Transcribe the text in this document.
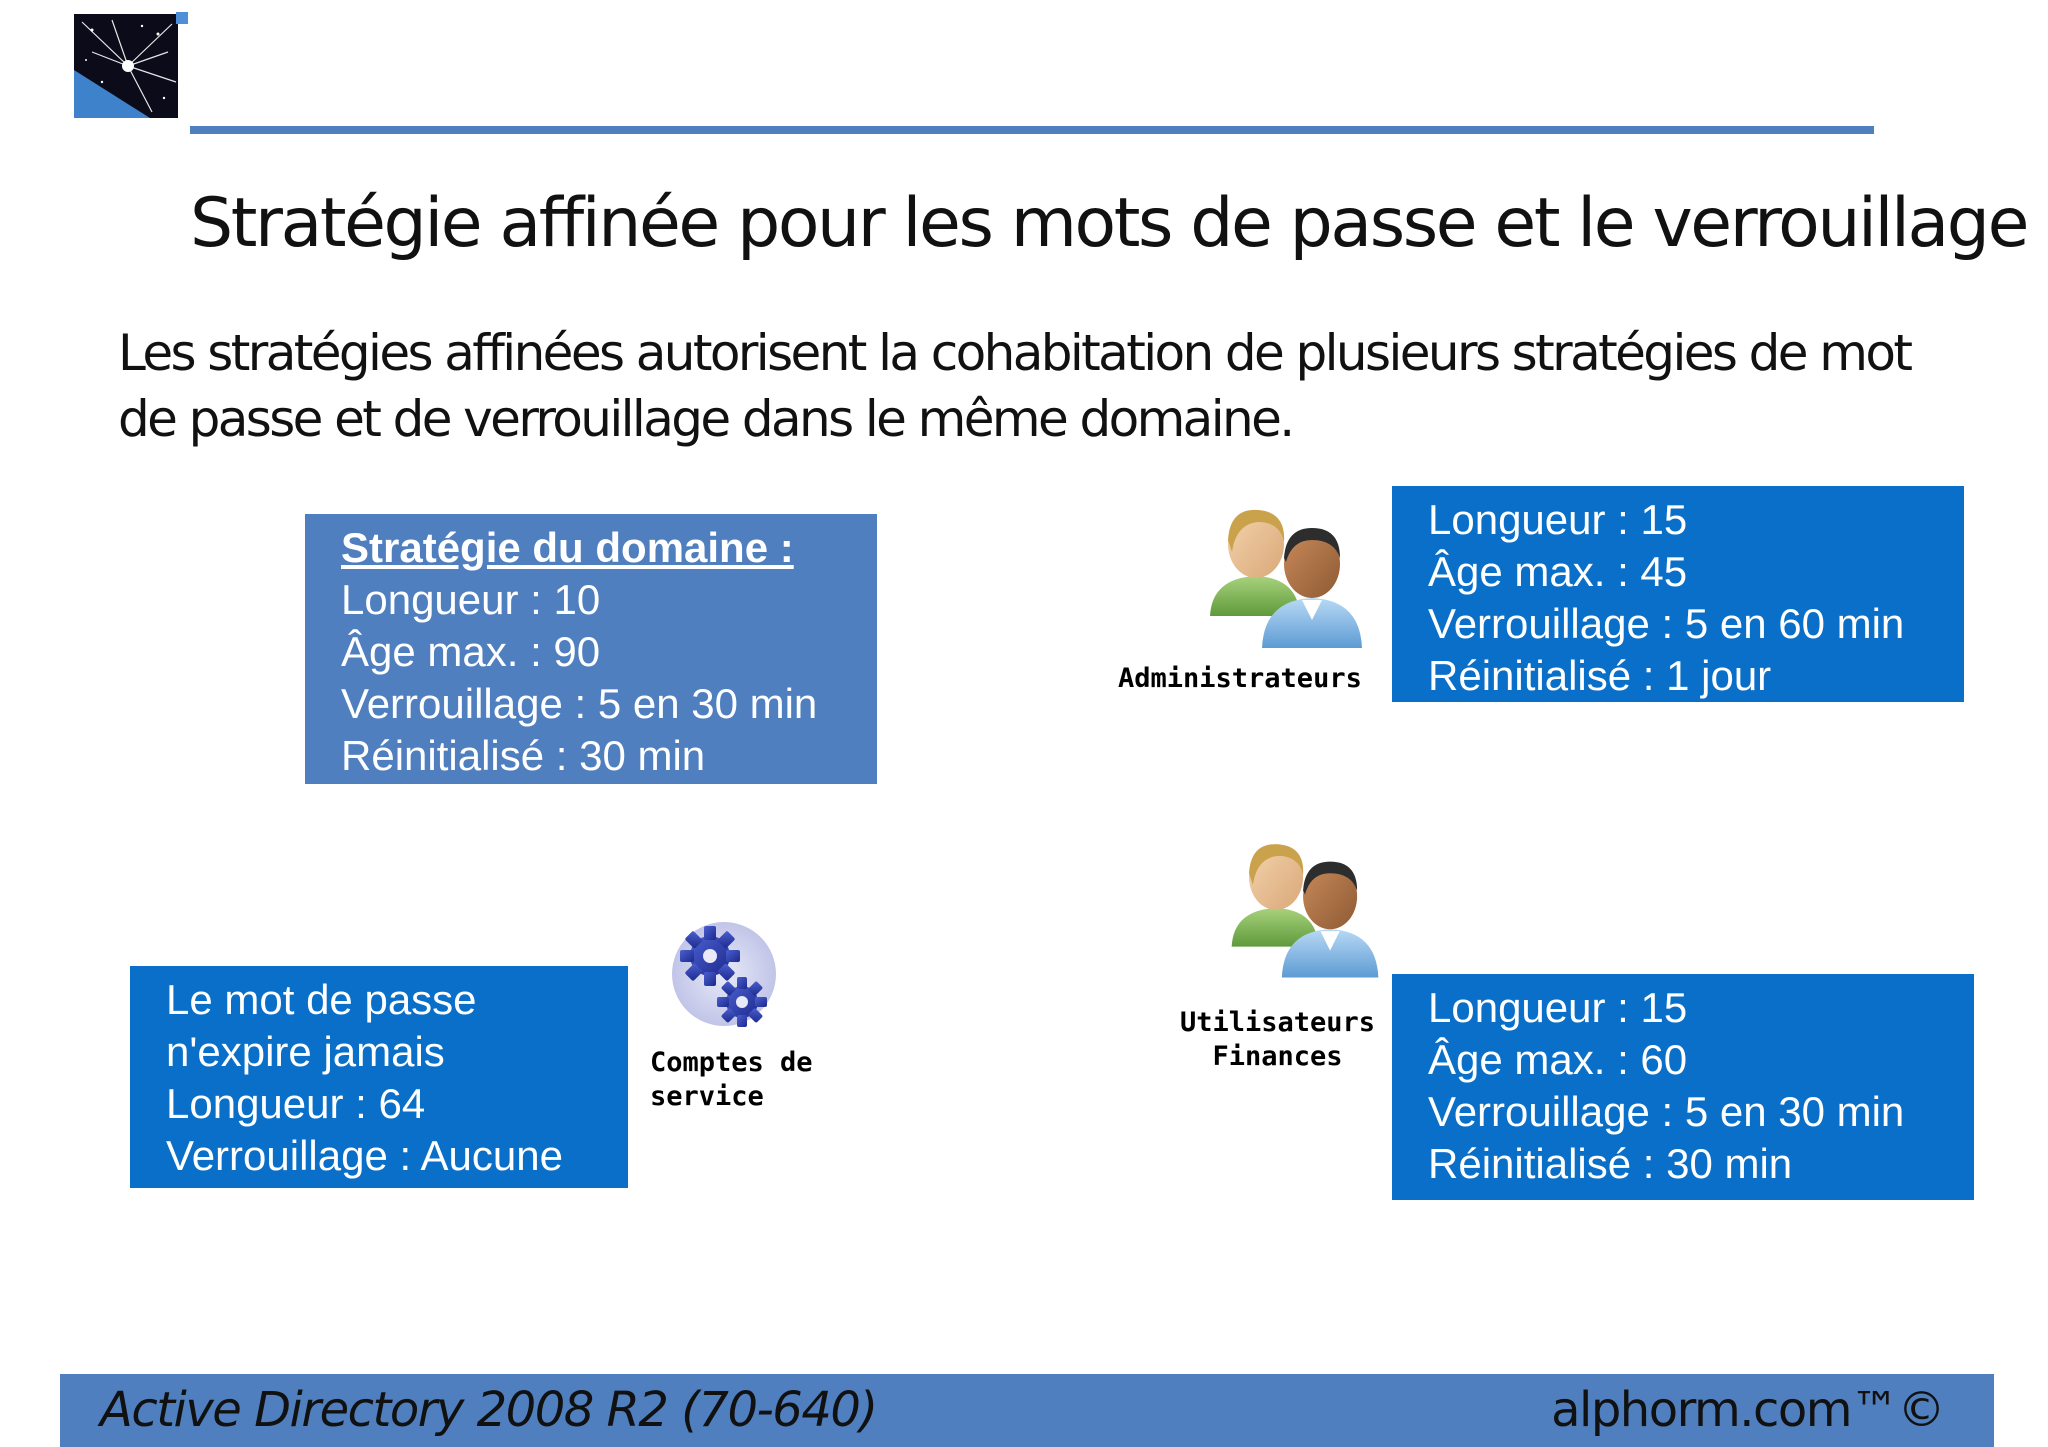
Stratégie affinée pour les mots de passe et le verrouillage
Les stratégies affinées autorisent la cohabitation de plusieurs stratégies de mot de passe et de verrouillage dans le même domaine.
Stratégie du domaine :
Longueur : 10
Âge max. : 90
Verrouillage : 5 en 30 min
Réinitialisé : 30 min
Administrateurs
Longueur : 15
Âge max. : 45
Verrouillage : 5 en 60 min
Réinitialisé : 1 jour
Utilisateurs
Finances
Longueur : 15
Âge max. : 60
Verrouillage : 5 en 30 min
Réinitialisé : 30 min
Le mot de passe
n'expire jamais
Longueur : 64
Verrouillage : Aucune
Comptes de
service
Active Directory 2008 R2 (70-640)	alphorm.com™©
